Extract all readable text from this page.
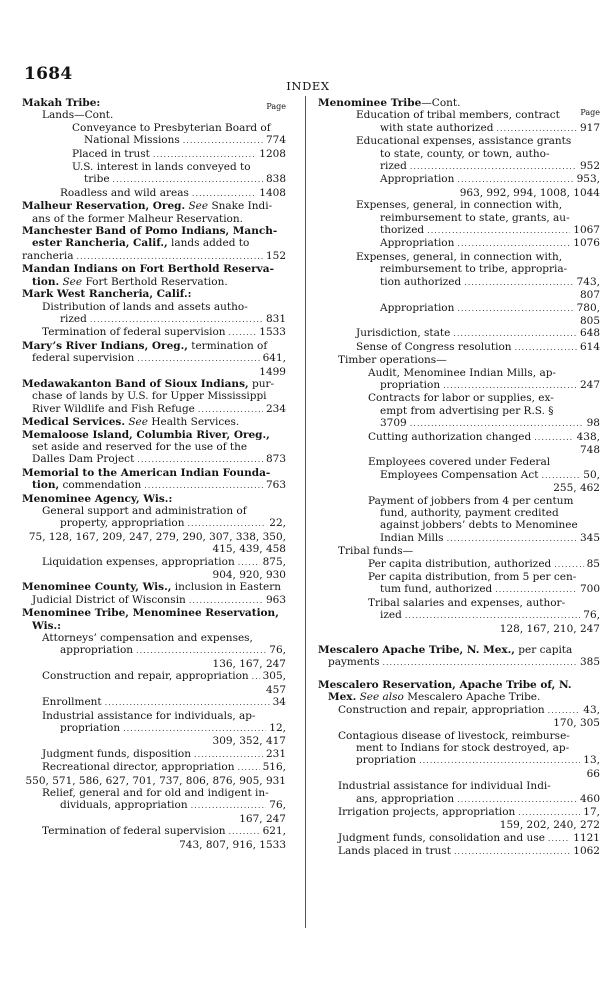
1684
INDEX
Page
Makah Tribe:
Lands—Cont.
Conveyance to Presbyterian Board of
National Missions .....	774
Placed in trust .....	1208
U.S. interest in lands conveyed to
tribe .....	838
Roadless and wild areas .....	1408
Malheur Reservation, Oreg. See Snake Indi-
ans of the former Malheur Reservation.
Manchester Band of Pomo Indians, Manch-
ester Rancheria, Calif., lands added to
rancheria .....	152
Mandan Indians on Fort Berthold Reserva-
tion. See Fort Berthold Reservation.
Mark West Rancheria, Calif.:
Distribution of lands and assets autho-
rized .....	831
Termination of federal supervision .....	1533
Mary’s River Indians, Oreg., termination of
federal supervision .....	641,
1499
Medawakanton Band of Sioux Indians, pur-
chase of lands by U.S. for Upper Mississippi
River Wildlife and Fish Refuge .....	234
Medical Services. See Health Services.
Memaloose Island, Columbia River, Oreg.,
set aside and reserved for the use of the
Dalles Dam Project .....	873
Memorial to the American Indian Founda-
tion, commendation .....	763
Menominee Agency, Wis.:
General support and administration of
property, appropriation .....	22,
75, 128, 167, 209, 247, 279, 290, 307, 338, 350,
415, 439, 458
Liquidation expenses, appropriation .....	875,
904, 920, 930
Menominee County, Wis., inclusion in Eastern
Judicial District of Wisconsin .....	963
Menominee Tribe, Menominee Reservation,
Wis.:
Attorneys’ compensation and expenses,
appropriation .....	76,
136, 167, 247
Construction and repair, appropriation ..... 305,
457
Enrollment .....	34
Industrial assistance for individuals, ap-
propriation .....	12,
309, 352, 417
Judgment funds, disposition .....	231
Recreational director, appropriation .....	516,
550, 571, 586, 627, 701, 737, 806, 876, 905, 931
Relief, general and for old and indigent in-
dividuals, appropriation .....	76,
167, 247
Termination of federal supervision .....	621,
743, 807, 916, 1533
Page
Menominee Tribe—Cont.
Education of tribal members, contract
with state authorized .....	917
Educational expenses, assistance grants
to state, county, or town, autho-
rized .....	952
Appropriation .....	953,
963, 992, 994, 1008, 1044
Expenses, general, in connection with,
reimbursement to state, grants, au-
thorized .....	1067
Appropriation .....	1076
Expenses, general, in connection with,
reimbursement to tribe, appropria-
tion authorized .....	743,
807
Appropriation .....	780,
805
Jurisdiction, state .....	648
Sense of Congress resolution .....	614
Timber operations—
Audit, Menominee Indian Mills, ap-
propriation .....	247
Contracts for labor or supplies, ex-
empt from advertising per R.S. §
3709 .....	98
Cutting authorization changed .....	438,
748
Employees covered under Federal
Employees Compensation Act .....	50,
255, 462
Payment of jobbers from 4 per centum
fund, authority, payment credited
against jobbers’ debts to Menominee
Indian Mills .....	345
Tribal funds—
Per capita distribution, authorized .....	85
Per capita distribution, from 5 per cen-
tum fund, authorized .....	700
Tribal salaries and expenses, author-
ized .....	76,
128, 167, 210, 247
Mescalero Apache Tribe, N. Mex., per capita
payments .....	385
Mescalero Reservation, Apache Tribe of, N.
Mex. See also Mescalero Apache Tribe.
Construction and repair, appropriation .....	43,
170, 305
Contagious disease of livestock, reimburse-
ment to Indians for stock destroyed, ap-
propriation .....	13,
66
Industrial assistance for individual Indi-
ans, appropriation .....	460
Irrigation projects, appropriation .....	17,
159, 202, 240, 272
Judgment funds, consolidation and use .....	1121
Lands placed in trust .....	1062
